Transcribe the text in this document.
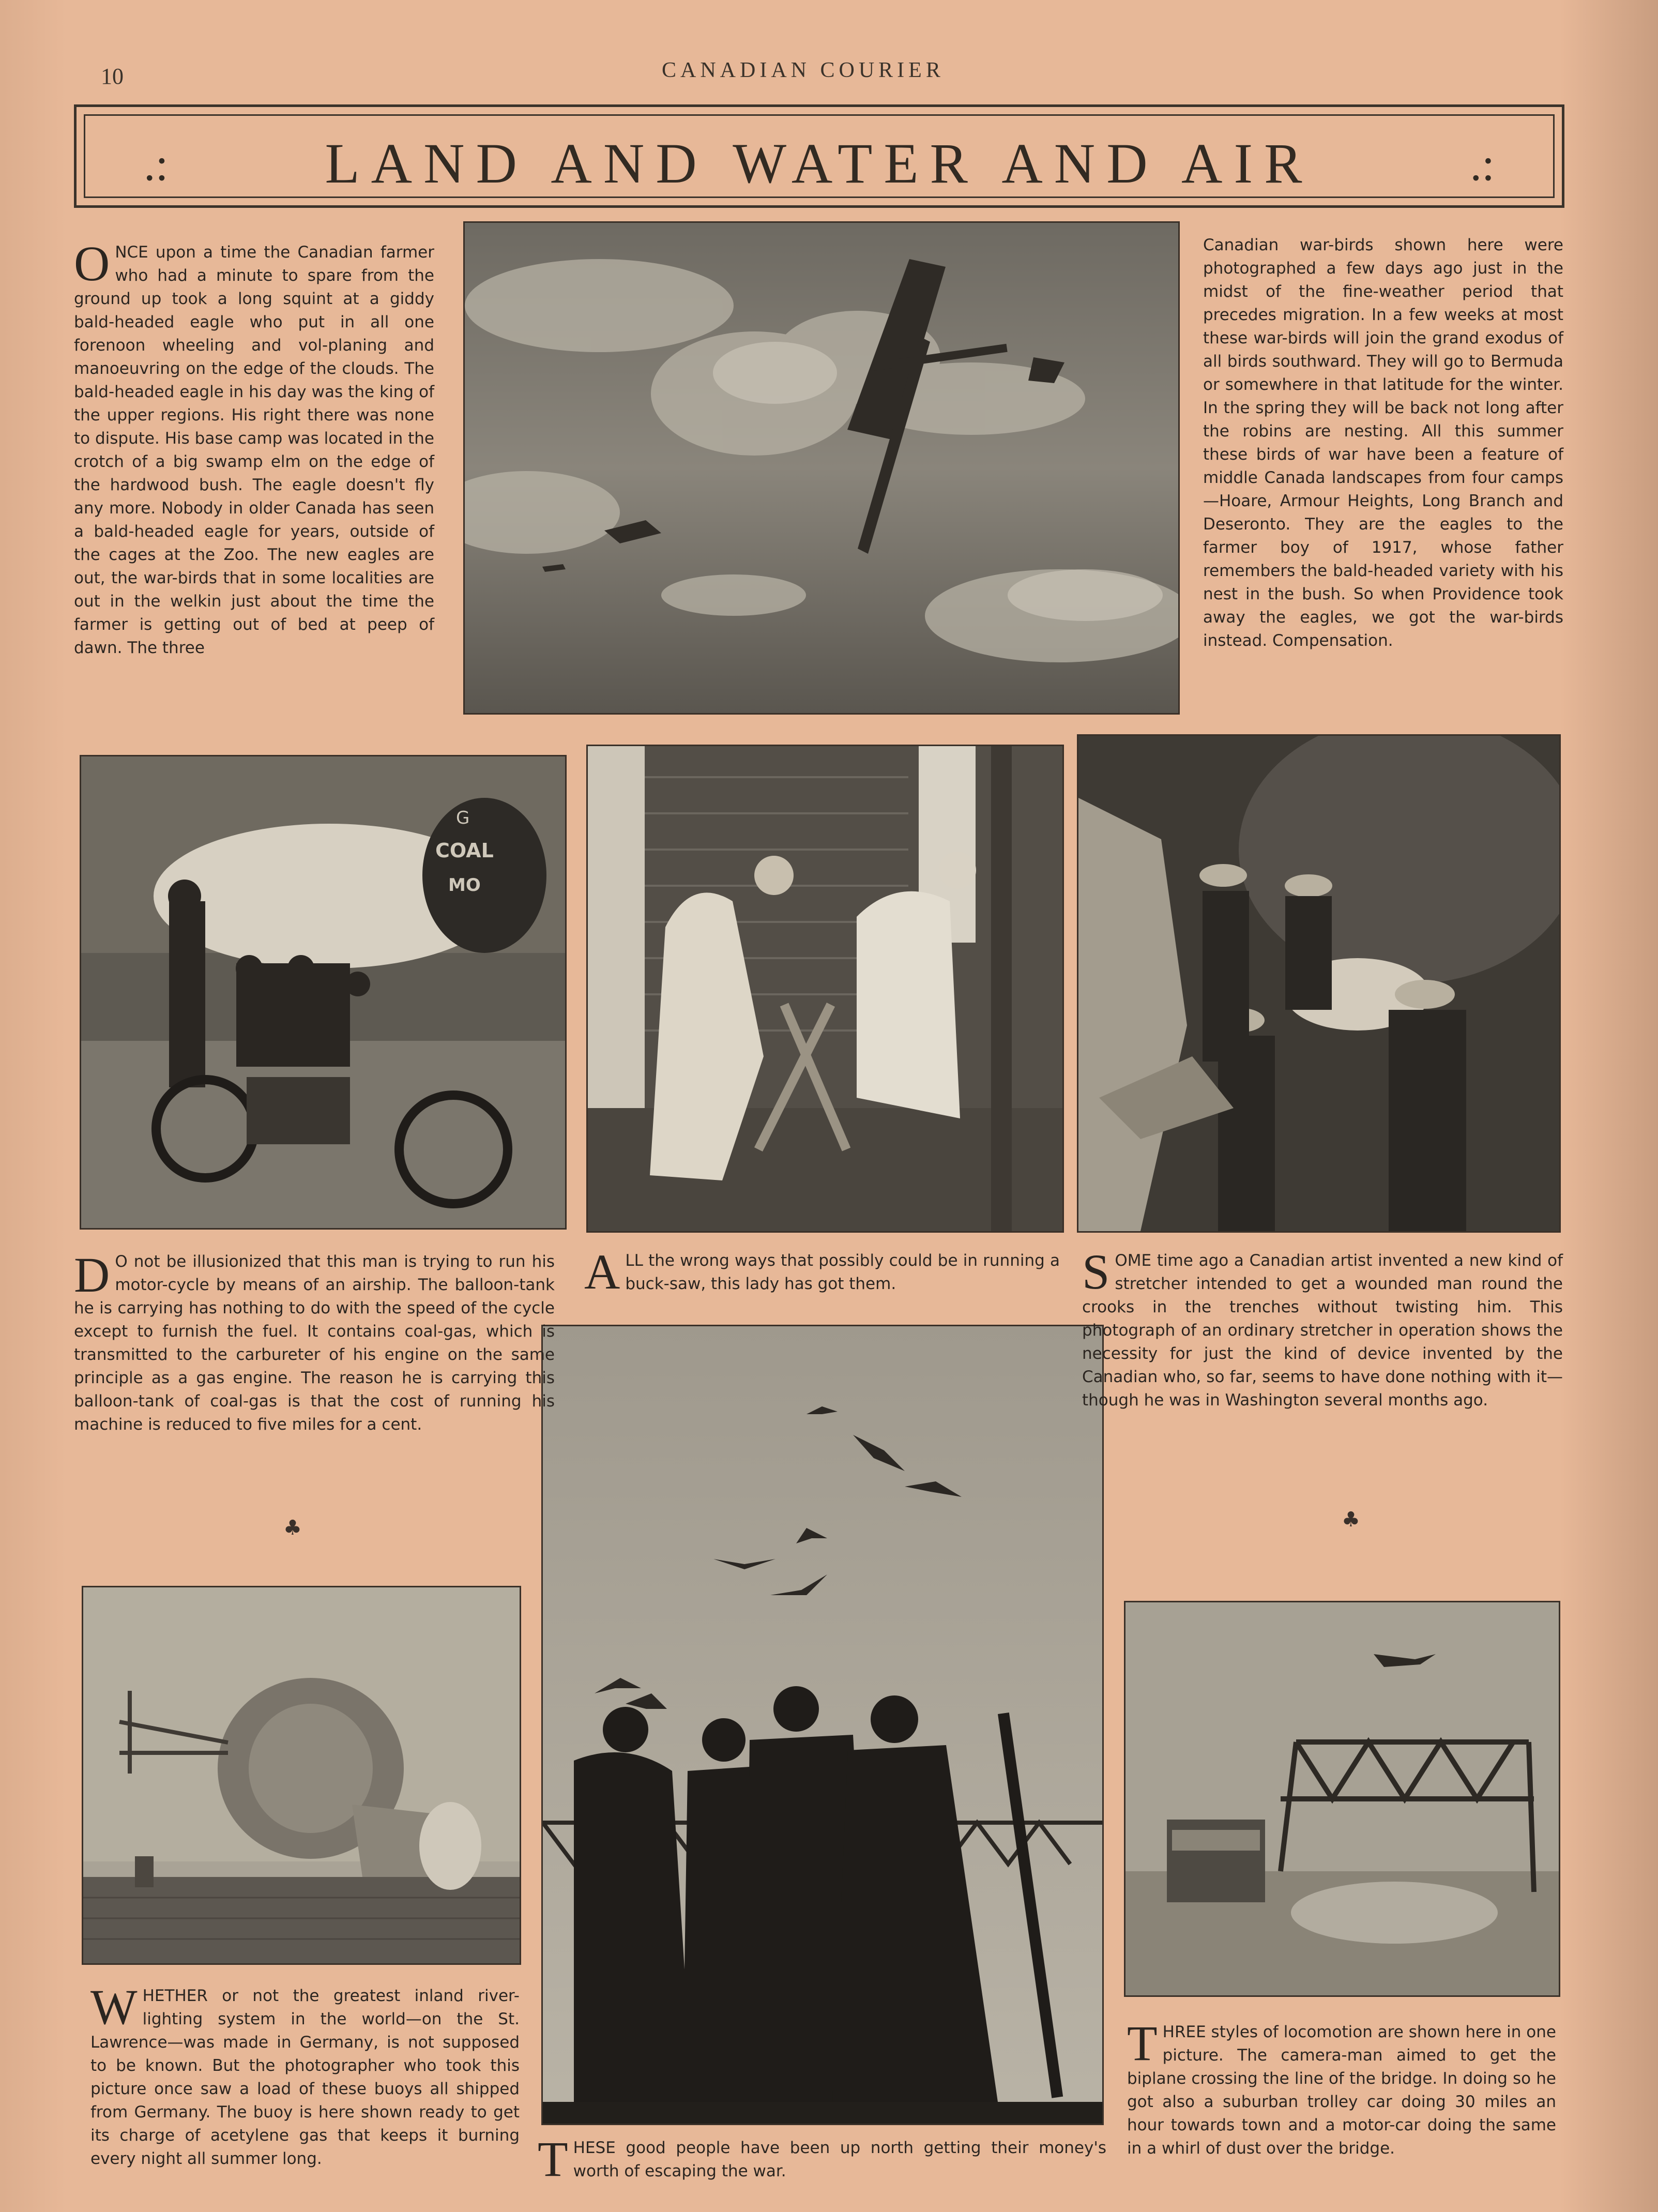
10	CANADIAN COURIER
.:	.:
LAND AND WATER AND AIR

ONCE upon a time the Canadian farmer who had a minute to spare from the ground up took a long squint at a giddy bald-headed eagle who put in all one forenoon wheeling and vol-planing and manoeuvring on the edge of the clouds. The bald-headed eagle in his day was the king of the upper regions. His right there was none to dispute. His base camp was located in the crotch of a big swamp elm on the edge of the hardwood bush. The eagle doesn't fly any more. Nobody in older Canada has seen a bald-headed eagle for years, outside of the cages at the Zoo. The new eagles are out, the war-birds that in some localities are out in the welkin just about the time the farmer is getting out of bed at peep of dawn. The three

Canadian war-birds shown here were photographed a few days ago just in the midst of the fine-weather period that precedes migration. In a few weeks at most these war-birds will join the grand exodus of all birds southward. They will go to Bermuda or somewhere in that latitude for the winter. In the spring they will be back not long after the robins are nesting. All this summer these birds of war have been a feature of middle Canada landscapes from four camps—Hoare, Armour Heights, Long Branch and Deseronto. They are the eagles to the farmer boy of 1917, whose father remembers the bald-headed variety with his nest in the bush. So when Providence took away the eagles, we got the war-birds instead. Compensation.

G
COAL
MO

D O not be illusionized that this man is trying to run his motor-cycle by means of an airship. The balloon-tank he is carrying has nothing to do with the speed of the cycle except to furnish the fuel. It contains coal-gas, which is transmitted to the carbureter of his engine on the same principle as a gas engine. The reason he is carrying this balloon-tank of coal-gas is that the cost of running his machine is reduced to five miles for a cent.

ALL the wrong ways that possibly could be in running a buck-saw, this lady has got them.	SOME time ago a Canadian artist invented a new kind of stretcher intended to get a wounded man round the crooks in the trenches without twisting him. This photograph of an ordinary stretcher in operation shows the necessity for just the kind of device invented by the Canadian who, so far, seems to have done nothing with it—though he was in Washington several months ago.

♣	♣

WHETHER or not the greatest inland river-lighting system in the world—on the St. Lawrence—was made in Germany, is not supposed to be known. But the photographer who took this picture once saw a load of these buoys all shipped from Germany. The buoy is here shown ready to get its charge of acetylene gas that keeps it burning every night all summer long.	THESE good people have been up north getting their money's worth of escaping the war.

THREE styles of locomotion are shown here in one picture. The camera-man aimed to get the biplane crossing the line of the bridge. In doing so he got also a suburban trolley car doing 30 miles an hour towards town and a motor-car doing the same in a whirl of dust over the bridge.
